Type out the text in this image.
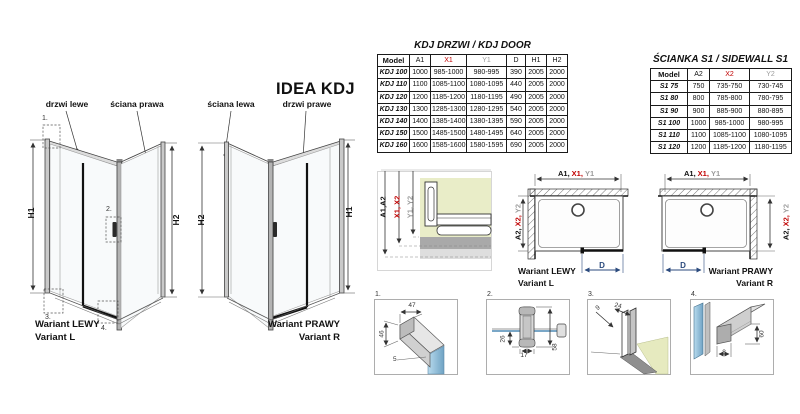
drzwi lewe	ściana prawa	ściana lewa	drzwi prawe
IDEA KDJ
H1
H2 H2
H1
1.
2.
3.
4.
Wariant LEWY
Variant L
Wariant PRAWY
Variant R
KDJ DRZWI / KDJ DOOR
Model	A1	X1	Y1	D	H1	H2
KDJ 100	1000	985-1000	980-995	390	2005	2000
KDJ 110	1100	1085-1100	1080-1095	440	2005	2000
KDJ 120	1200	1185-1200	1180-1195	490	2005	2000
KDJ 130	1300	1285-1300	1280-1295	540	2005	2000
KDJ 140	1400	1385-1400	1380-1395	590	2005	2000
KDJ 150	1500	1485-1500	1480-1495	640	2005	2000
KDJ 160	1600	1585-1600	1580-1595	690	2005	2000
ŚCIANKA S1 / SIDEWALL S1
Model	A2	X2	Y2
S1 75	750	735-750	730-745
S1 80	800	785-800	780-795
S1 90	900	885-900	880-895
S1 100	1000	985-1000	980-995
S1 110	1100	1085-1100	1080-1095
S1 120	1200	1185-1200	1180-1195
A1,A2 X1, X2 Y1, Y2
A1, X1, Y1
A2,
X2,
Y2
D
Wariant LEWY
Variant L
A1, X1, Y1
A2,
X2,
Y2
D
Wariant PRAWY
Variant R
1.
47
46
5
2.
26
17
58
3.
9 24
4.
8
60
